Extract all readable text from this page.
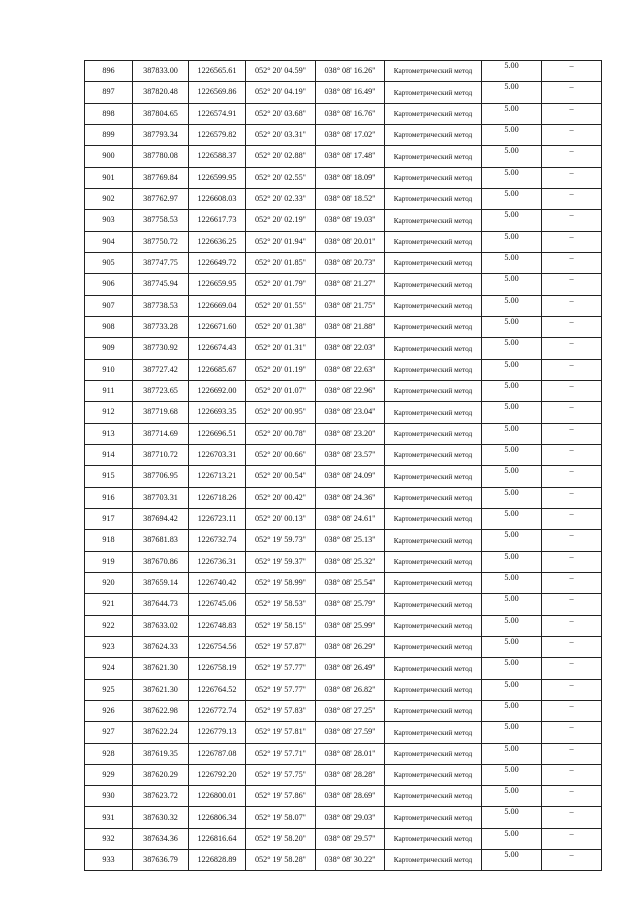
896	387833.00	1226565.61	052° 20' 04.59"	038° 08' 16.26"	Картометрический метод	5.00	–
897	387820.48	1226569.86	052° 20' 04.19"	038° 08' 16.49"	Картометрический метод	5.00	–
898	387804.65	1226574.91	052° 20' 03.68"	038° 08' 16.76"	Картометрический метод	5.00	–
899	387793.34	1226579.82	052° 20' 03.31"	038° 08' 17.02"	Картометрический метод	5.00	–
900	387780.08	1226588.37	052° 20' 02.88"	038° 08' 17.48"	Картометрический метод	5.00	–
901	387769.84	1226599.95	052° 20' 02.55"	038° 08' 18.09"	Картометрический метод	5.00	–
902	387762.97	1226608.03	052° 20' 02.33"	038° 08' 18.52"	Картометрический метод	5.00	–
903	387758.53	1226617.73	052° 20' 02.19"	038° 08' 19.03"	Картометрический метод	5.00	–
904	387750.72	1226636.25	052° 20' 01.94"	038° 08' 20.01"	Картометрический метод	5.00	–
905	387747.75	1226649.72	052° 20' 01.85"	038° 08' 20.73"	Картометрический метод	5.00	–
906	387745.94	1226659.95	052° 20' 01.79"	038° 08' 21.27"	Картометрический метод	5.00	–
907	387738.53	1226669.04	052° 20' 01.55"	038° 08' 21.75"	Картометрический метод	5.00	–
908	387733.28	1226671.60	052° 20' 01.38"	038° 08' 21.88"	Картометрический метод	5.00	–
909	387730.92	1226674.43	052° 20' 01.31"	038° 08' 22.03"	Картометрический метод	5.00	–
910	387727.42	1226685.67	052° 20' 01.19"	038° 08' 22.63"	Картометрический метод	5.00	–
911	387723.65	1226692.00	052° 20' 01.07"	038° 08' 22.96"	Картометрический метод	5.00	–
912	387719.68	1226693.35	052° 20' 00.95"	038° 08' 23.04"	Картометрический метод	5.00	–
913	387714.69	1226696.51	052° 20' 00.78"	038° 08' 23.20"	Картометрический метод	5.00	–
914	387710.72	1226703.31	052° 20' 00.66"	038° 08' 23.57"	Картометрический метод	5.00	–
915	387706.95	1226713.21	052° 20' 00.54"	038° 08' 24.09"	Картометрический метод	5.00	–
916	387703.31	1226718.26	052° 20' 00.42"	038° 08' 24.36"	Картометрический метод	5.00	–
917	387694.42	1226723.11	052° 20' 00.13"	038° 08' 24.61"	Картометрический метод	5.00	–
918	387681.83	1226732.74	052° 19' 59.73"	038° 08' 25.13"	Картометрический метод	5.00	–
919	387670.86	1226736.31	052° 19' 59.37"	038° 08' 25.32"	Картометрический метод	5.00	–
920	387659.14	1226740.42	052° 19' 58.99"	038° 08' 25.54"	Картометрический метод	5.00	–
921	387644.73	1226745.06	052° 19' 58.53"	038° 08' 25.79"	Картометрический метод	5.00	–
922	387633.02	1226748.83	052° 19' 58.15"	038° 08' 25.99"	Картометрический метод	5.00	–
923	387624.33	1226754.56	052° 19' 57.87"	038° 08' 26.29"	Картометрический метод	5.00	–
924	387621.30	1226758.19	052° 19' 57.77"	038° 08' 26.49"	Картометрический метод	5.00	–
925	387621.30	1226764.52	052° 19' 57.77"	038° 08' 26.82"	Картометрический метод	5.00	–
926	387622.98	1226772.74	052° 19' 57.83"	038° 08' 27.25"	Картометрический метод	5.00	–
927	387622.24	1226779.13	052° 19' 57.81"	038° 08' 27.59"	Картометрический метод	5.00	–
928	387619.35	1226787.08	052° 19' 57.71"	038° 08' 28.01"	Картометрический метод	5.00	–
929	387620.29	1226792.20	052° 19' 57.75"	038° 08' 28.28"	Картометрический метод	5.00	–
930	387623.72	1226800.01	052° 19' 57.86"	038° 08' 28.69"	Картометрический метод	5.00	–
931	387630.32	1226806.34	052° 19' 58.07"	038° 08' 29.03"	Картометрический метод	5.00	–
932	387634.36	1226816.64	052° 19' 58.20"	038° 08' 29.57"	Картометрический метод	5.00	–
933	387636.79	1226828.89	052° 19' 58.28"	038° 08' 30.22"	Картометрический метод	5.00	–
